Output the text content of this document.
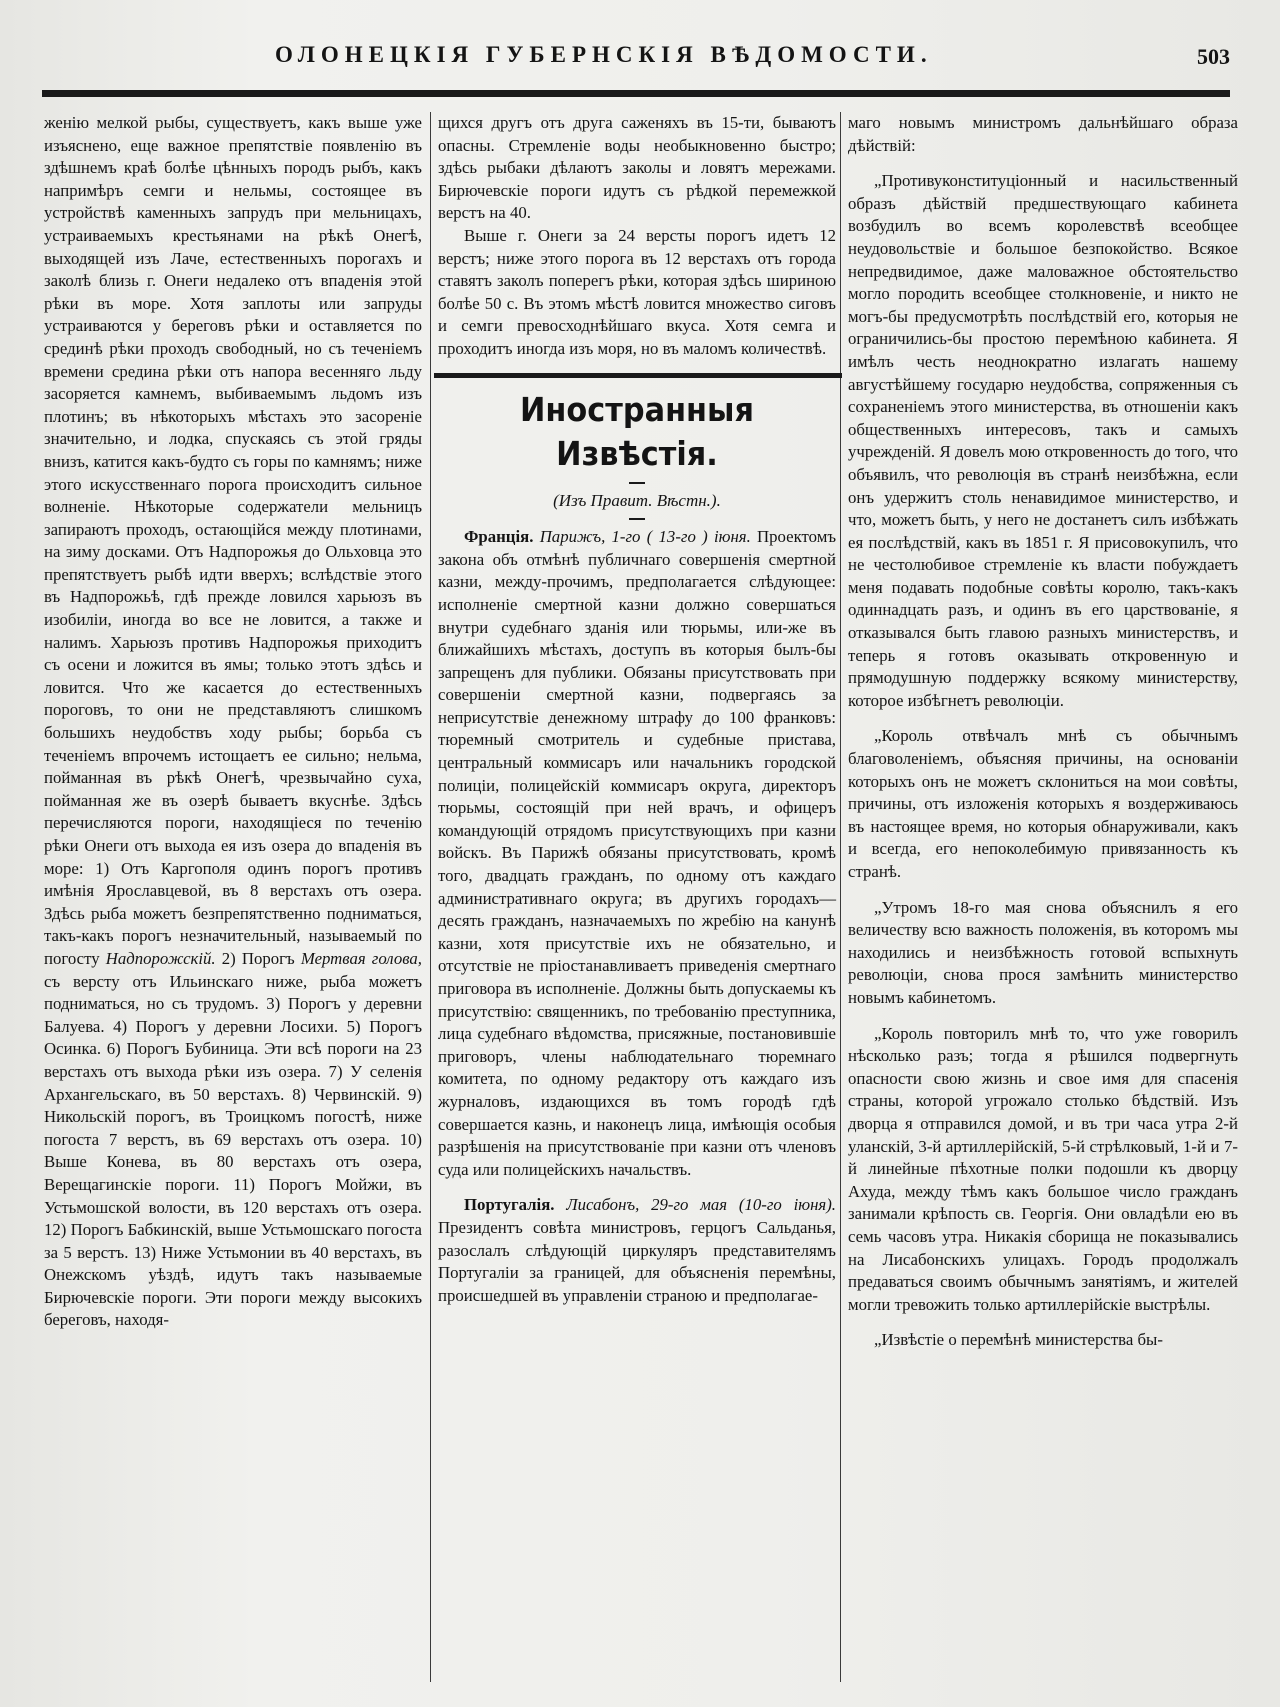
ОЛОНЕЦКІЯ ГУБЕРНСКІЯ ВѢДОМОСТИ.	503

женію мелкой рыбы, существуетъ, какъ выше уже изъяснено, еще важное препятствіе появленію въ здѣшнемъ краѣ болѣе цѣнныхъ породъ рыбъ, какъ напримѣръ семги и нельмы, состоящее въ устройствѣ каменныхъ запрудъ при мельницахъ, устраиваемыхъ крестьянами на рѣкѣ Онегѣ, выходящей изъ Лаче, естественныхъ порогахъ и заколѣ близь г. Онеги недалеко отъ впаденія этой рѣки въ море. Хотя заплоты или запруды устраиваются у береговъ рѣки и оставляется по срединѣ рѣки проходъ свободный, но съ теченіемъ времени средина рѣки отъ напора весенняго льду засоряется камнемъ, выбиваемымъ льдомъ изъ плотинъ; въ нѣкоторыхъ мѣстахъ это засореніе значительно, и лодка, спускаясь съ этой гряды внизъ, катится какъ-будто съ горы по камнямъ; ниже этого искусственнаго порога происходитъ сильное волненіе. Нѣкоторые содержатели мельницъ запираютъ проходъ, остающійся между плотинами, на зиму досками. Отъ Надпорожья до Ольховца это препятствуетъ рыбѣ идти вверхъ; вслѣдствіе этого въ Надпорожьѣ, гдѣ прежде ловился харьюзъ въ изобиліи, иногда во все не ловится, а также и налимъ. Харьюзъ противъ Надпорожья приходитъ съ осени и ложится въ ямы; только этотъ здѣсь и ловится. Что же касается до естественныхъ пороговъ, то они не представляютъ слишкомъ большихъ неудобствъ ходу рыбы; борьба съ теченіемъ впрочемъ истощаетъ ее сильно; нельма, пойманная въ рѣкѣ Онегѣ, чрезвычайно суха, пойманная же въ озерѣ бываетъ вкуснѣе. Здѣсь перечисляются пороги, находящіеся по теченію рѣки Онеги отъ выхода ея изъ озера до впаденія въ море: 1) Отъ Каргополя одинъ порогъ противъ имѣнія Ярославцевой, въ 8 верстахъ отъ озера. Здѣсь рыба можетъ безпрепятственно подниматься, такъ-какъ порогъ незначительный, называемый по погосту Надпорожскій. 2) Порогъ Мертвая голова, съ версту отъ Ильинскаго ниже, рыба можетъ подниматься, но съ трудомъ. 3) Порогъ у деревни Балуева. 4) Порогъ у деревни Лосихи. 5) Порогъ Осинка. 6) Порогъ Бубиница. Эти всѣ пороги на 23 верстахъ отъ выхода рѣки изъ озера. 7) У селенія Архангельскаго, въ 50 верстахъ. 8) Червинскій. 9) Никольскій порогъ, въ Троицкомъ погостѣ, ниже погоста 7 верстъ, въ 69 верстахъ отъ озера. 10) Выше Конева, въ 80 верстахъ отъ озера, Верещагинскіе пороги. 11) Порогъ Мойжи, въ Устьмошской волости, въ 120 верстахъ отъ озера. 12) Порогъ Бабкинскій, выше Устьмошскаго погоста за 5 верстъ. 13) Ниже Устьмонии въ 40 верстахъ, въ Онежскомъ уѣздѣ, идутъ такъ называемые Бирючевскіе пороги. Эти пороги между высокихъ береговъ, находя-

щихся другъ отъ друга саженяхъ въ 15-ти, бываютъ опасны. Стремленіе воды необыкновенно быстро; здѣсь рыбаки дѣлаютъ заколы и ловятъ мережами. Бирючевскіе пороги идутъ съ рѣдкой перемежкой верстъ на 40.

Выше г. Онеги за 24 версты порогъ идетъ 12 верстъ; ниже этого порога въ 12 верстахъ отъ города ставятъ заколъ поперегъ рѣки, которая здѣсь шириною болѣе 50 с. Въ этомъ мѣстѣ ловится множество сиговъ и семги превосходнѣйшаго вкуса. Хотя семга и проходитъ иногда изъ моря, но въ маломъ количествѣ.

Иностранныя Извѣстія.
(Изъ Правит. Вѣстн.).

Франція. Парижъ, 1-го ( 13-го ) іюня. Проектомъ закона объ отмѣнѣ публичнаго совершенія смертной казни, между-прочимъ, предполагается слѣдующее: исполненіе смертной казни должно совершаться внутри судебнаго зданія или тюрьмы, или-же въ ближайшихъ мѣстахъ, доступъ въ которыя былъ-бы запрещенъ для публики. Обязаны присутствовать при совершеніи смертной казни, подвергаясь за неприсутствіе денежному штрафу до 100 франковъ: тюремный смотритель и судебные пристава, центральный коммисаръ или начальникъ городской полиціи, полицейскій коммисаръ округа, директоръ тюрьмы, состоящій при ней врачъ, и офицеръ командующій отрядомъ присутствующихъ при казни войскъ. Въ Парижѣ обязаны присутствовать, кромѣ того, двадцать гражданъ, по одному отъ каждаго административнаго округа; въ другихъ городахъ— десять гражданъ, назначаемыхъ по жребію на канунѣ казни, хотя присутствіе ихъ не обязательно, и отсутствіе не пріостанавливаетъ приведенія смертнаго приговора въ исполненіе. Должны быть допускаемы къ присутствію: священникъ, по требованію преступника, лица судебнаго вѣдомства, присяжные, постановившіе приговоръ, члены наблюдательнаго тюремнаго комитета, по одному редактору отъ каждаго изъ журналовъ, издающихся въ томъ городѣ гдѣ совершается казнь, и наконецъ лица, имѣющія особыя разрѣшенія на присутствованіе при казни отъ членовъ суда или полицейскихъ начальствъ.

Португалія. Лисабонъ, 29-го мая (10-го іюня). Президентъ совѣта министровъ, герцогъ Сальданья, разослалъ слѣдующій циркуляръ представителямъ Португаліи за границей, для объясненія перемѣны, происшедшей въ управленіи страною и предполагае-

маго новымъ министромъ дальнѣйшаго образа дѣйствій:

„Противуконституціонный и насильственный образъ дѣйствій предшествующаго кабинета возбудилъ во всемъ королевствѣ всеобщее неудовольствіе и большое безпокойство. Всякое непредвидимое, даже маловажное обстоятельство могло породить всеобщее столкновеніе, и никто не могъ-бы предусмотрѣть послѣдствій его, которыя не ограничились-бы простою перемѣною кабинета. Я имѣлъ честь неоднократно излагать нашему августѣйшему государю неудобства, сопряженныя съ сохраненіемъ этого министерства, въ отношеніи какъ общественныхъ интересовъ, такъ и самыхъ учрежденій. Я довелъ мою откровенность до того, что объявилъ, что революція въ странѣ неизбѣжна, если онъ удержитъ столь ненавидимое министерство, и что, можетъ быть, у него не достанетъ силъ избѣжать ея послѣдствій, какъ въ 1851 г. Я присовокупилъ, что не честолюбивое стремленіе къ власти побуждаетъ меня подавать подобные совѣты королю, такъ-какъ одиннадцать разъ, и одинъ въ его царствованіе, я отказывался быть главою разныхъ министерствъ, и теперь я готовъ оказывать откровенную и прямодушную поддержку всякому министерству, которое избѣгнетъ революціи.

„Король отвѣчалъ мнѣ съ обычнымъ благоволеніемъ, объясняя причины, на основаніи которыхъ онъ не можетъ склониться на мои совѣты, причины, отъ изложенія которыхъ я воздерживаюсь въ настоящее время, но которыя обнаруживали, какъ и всегда, его непоколебимую привязанность къ странѣ.

„Утромъ 18-го мая снова объяснилъ я его величеству всю важность положенія, въ которомъ мы находились и неизбѣжность готовой вспыхнуть революціи, снова прося замѣнить министерство новымъ кабинетомъ.

„Король повторилъ мнѣ то, что уже говорилъ нѣсколько разъ; тогда я рѣшился подвергнуть опасности свою жизнь и свое имя для спасенія страны, которой угрожало столько бѣдствій. Изъ дворца я отправился домой, и въ три часа утра 2-й уланскій, 3-й артиллерійскій, 5-й стрѣлковый, 1-й и 7-й линейные пѣхотные полки подошли къ дворцу Ахуда, между тѣмъ какъ большое число гражданъ занимали крѣпость св. Георгія. Они овладѣли ею въ семь часовъ утра. Никакія сборища не показывались на Лисабонскихъ улицахъ. Городъ продолжалъ предаваться своимъ обычнымъ занятіямъ, и жителей могли тревожить только артиллерійскіе выстрѣлы.

„Извѣстіе о перемѣнѣ министерства бы-
